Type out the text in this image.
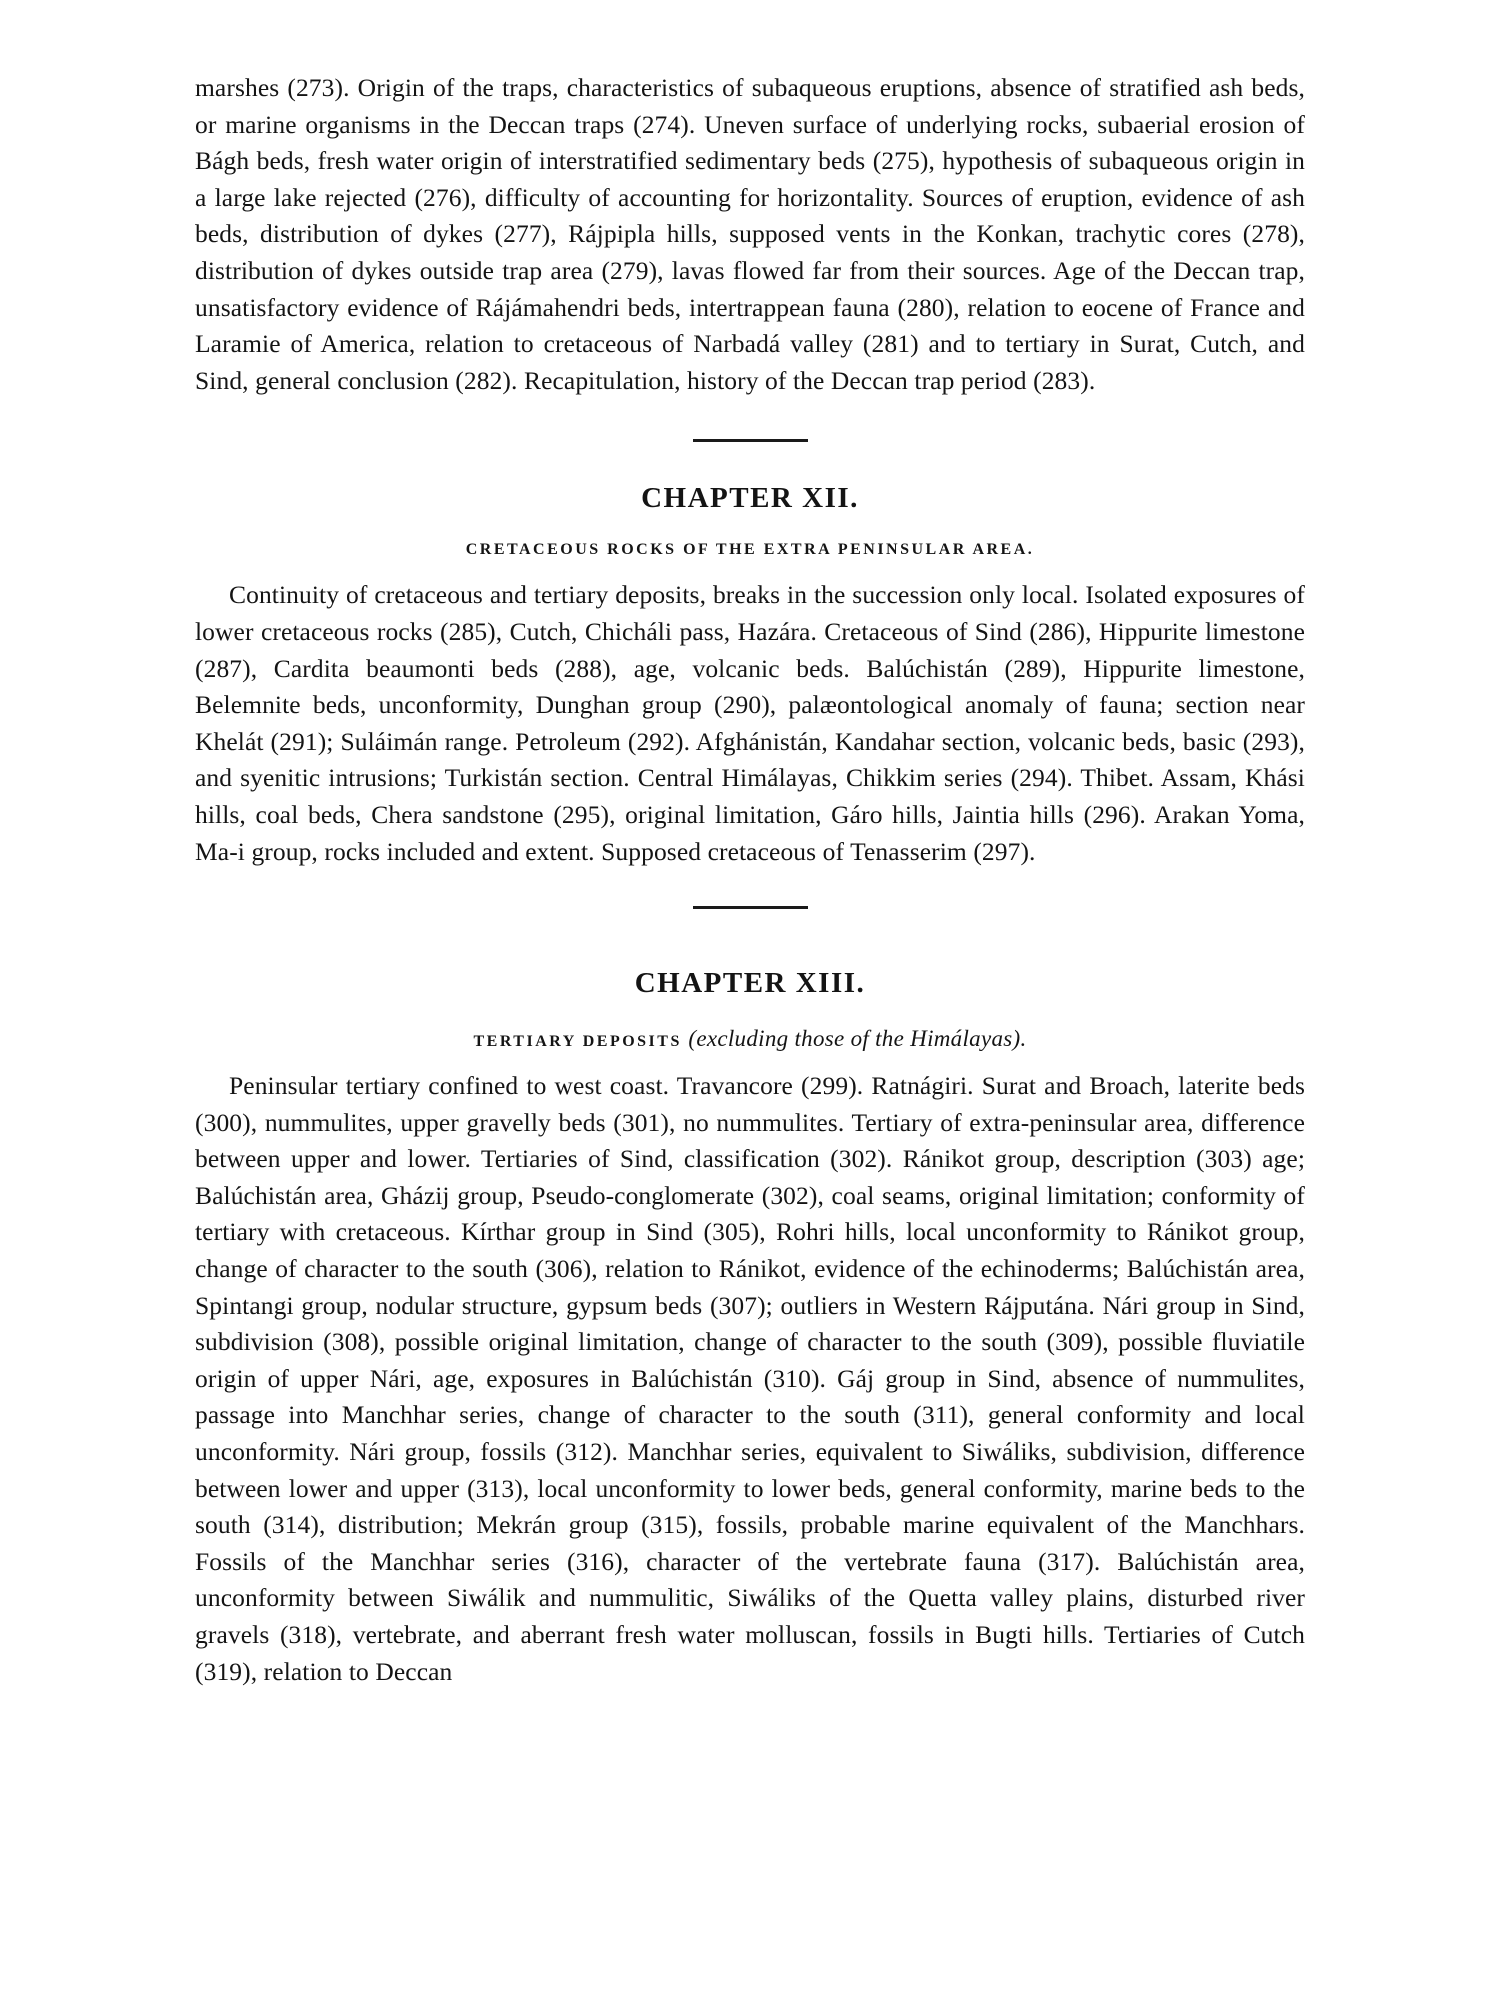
marshes (273). Origin of the traps, characteristics of subaqueous eruptions, absence of stratified ash beds, or marine organisms in the Deccan traps (274). Uneven surface of underlying rocks, subaerial erosion of Bágh beds, fresh water origin of interstratified sedimentary beds (275), hypothesis of subaqueous origin in a large lake rejected (276), difficulty of accounting for horizontality. Sources of eruption, evidence of ash beds, distribution of dykes (277), Rájpipla hills, supposed vents in the Konkan, trachytic cores (278), distribution of dykes outside trap area (279), lavas flowed far from their sources. Age of the Deccan trap, unsatisfactory evidence of Rájámahendri beds, intertrappean fauna (280), relation to eocene of France and Laramie of America, relation to cretaceous of Narbadá valley (281) and to tertiary in Surat, Cutch, and Sind, general conclusion (282). Recapitulation, history of the Deccan trap period (283).

CHAPTER XII.

CRETACEOUS ROCKS OF THE EXTRA PENINSULAR AREA.

Continuity of cretaceous and tertiary deposits, breaks in the succession only local. Isolated exposures of lower cretaceous rocks (285), Cutch, Chicháli pass, Hazára. Cretaceous of Sind (286), Hippurite limestone (287), Cardita beaumonti beds (288), age, volcanic beds. Balúchistán (289), Hippurite limestone, Belemnite beds, unconformity, Dunghan group (290), palæontological anomaly of fauna; section near Khelát (291); Suláimán range. Petroleum (292). Afghánistán, Kandahar section, volcanic beds, basic (293), and syenitic intrusions; Turkistán section. Central Himálayas, Chikkim series (294). Thibet. Assam, Khási hills, coal beds, Chera sandstone (295), original limitation, Gáro hills, Jaintia hills (296). Arakan Yoma, Ma-i group, rocks included and extent. Supposed cretaceous of Tenasserim (297).

CHAPTER XIII.

TERTIARY DEPOSITS (excluding those of the Himálayas).

Peninsular tertiary confined to west coast. Travancore (299). Ratnágiri. Surat and Broach, laterite beds (300), nummulites, upper gravelly beds (301), no nummulites. Tertiary of extra-peninsular area, difference between upper and lower. Tertiaries of Sind, classification (302). Ránikot group, description (303) age; Balúchistán area, Gházij group, Pseudo-conglomerate (302), coal seams, original limitation; conformity of tertiary with cretaceous. Kírthar group in Sind (305), Rohri hills, local unconformity to Ránikot group, change of character to the south (306), relation to Ránikot, evidence of the echinoderms; Balúchistán area, Spintangi group, nodular structure, gypsum beds (307); outliers in Western Rájputána. Nári group in Sind, subdivision (308), possible original limitation, change of character to the south (309), possible fluviatile origin of upper Nári, age, exposures in Balúchistán (310). Gáj group in Sind, absence of nummulites, passage into Manchhar series, change of character to the south (311), general conformity and local unconformity. Nári group, fossils (312). Manchhar series, equivalent to Siwáliks, subdivision, difference between lower and upper (313), local unconformity to lower beds, general conformity, marine beds to the south (314), distribution; Mekrán group (315), fossils, probable marine equivalent of the Manchhars. Fossils of the Manchhar series (316), character of the vertebrate fauna (317). Balúchistán area, unconformity between Siwálik and nummulitic, Siwáliks of the Quetta valley plains, disturbed river gravels (318), vertebrate, and aberrant fresh water molluscan, fossils in Bugti hills. Tertiaries of Cutch (319), relation to Deccan
